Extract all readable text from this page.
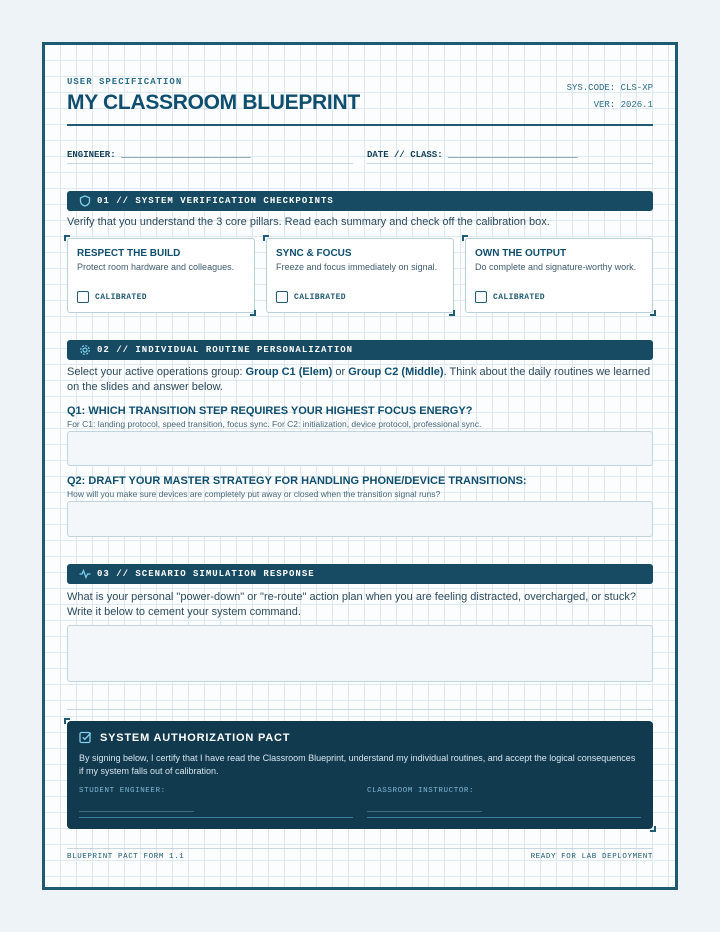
USER SPECIFICATION
MY CLASSROOM BLUEPRINT
SYS.CODE: CLS-XP
VER: 2026.1
ENGINEER: ________________________	DATE // CLASS: ________________________
01 // SYSTEM VERIFICATION CHECKPOINTS
Verify that you understand the 3 core pillars. Read each summary and check off the calibration box.
RESPECT THE BUILD
Protect room hardware and colleagues.
CALIBRATED
SYNC & FOCUS
Freeze and focus immediately on signal.
CALIBRATED
OWN THE OUTPUT
Do complete and signature-worthy work.
CALIBRATED
02 // INDIVIDUAL ROUTINE PERSONALIZATION
Select your active operations group: Group C1 (Elem) or Group C2 (Middle). Think about the daily routines we learned on the slides and answer below.
Q1: WHICH TRANSITION STEP REQUIRES YOUR HIGHEST FOCUS ENERGY?
For C1: landing protocol, speed transition, focus sync. For C2: initialization, device protocol, professional sync.
Q2: DRAFT YOUR MASTER STRATEGY FOR HANDLING PHONE/DEVICE TRANSITIONS:
How will you make sure devices are completely put away or closed when the transition signal runs?
03 // SCENARIO SIMULATION RESPONSE
What is your personal "power-down" or "re-route" action plan when you are feeling distracted, overcharged, or stuck? Write it below to cement your system command.
SYSTEM AUTHORIZATION PACT
By signing below, I certify that I have read the Classroom Blueprint, understand my individual routines, and accept the logical consequences if my system falls out of calibration.
STUDENT ENGINEER:	CLASSROOM INSTRUCTOR:
________________________	________________________
BLUEPRINT PACT FORM 1.1	READY FOR LAB DEPLOYMENT
